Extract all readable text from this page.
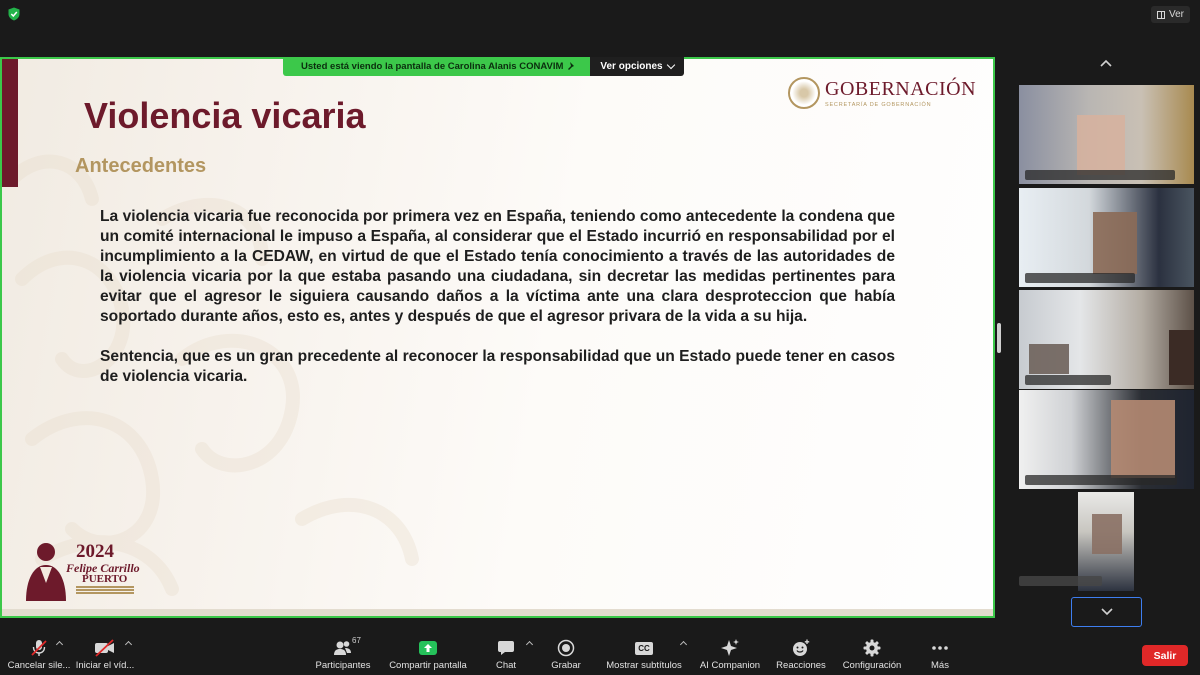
Ver
GOBERNACIÓN
SECRETARÍA DE GOBERNACIÓN
Violencia vicaria
Antecedentes

La violencia vicaria fue reconocida por primera vez en España, teniendo como antecedente la condena que un comité internacional le impuso a España, al considerar que el Estado incurrió en responsabilidad por el incumplimiento a la CEDAW, en virtud de que el Estado tenía conocimiento a través de las autoridades de la violencia vicaria por la que estaba pasando una ciudadana, sin decretar las medidas pertinentes para evitar que el agresor le siguiera causando daños a la víctima ante una clara desproteccion que había soportado durante años, esto es, antes y después de que el agresor privara de la vida a su hija.

Sentencia, que es un gran precedente al reconocer la responsabilidad que un Estado puede tener en casos de violencia vicaria.

2024
Felipe Carrillo
PUERTO
Usted está viendo la pantalla de Carolina Alanis CONAVIM	Ver opciones
Cancelar sile... Iniciar el víd...
67
Participantes Compartir pantalla	Chat	Grabar
CC
Mostrar subtítulos AI Companion Reacciones Configuración	Más
Salir
